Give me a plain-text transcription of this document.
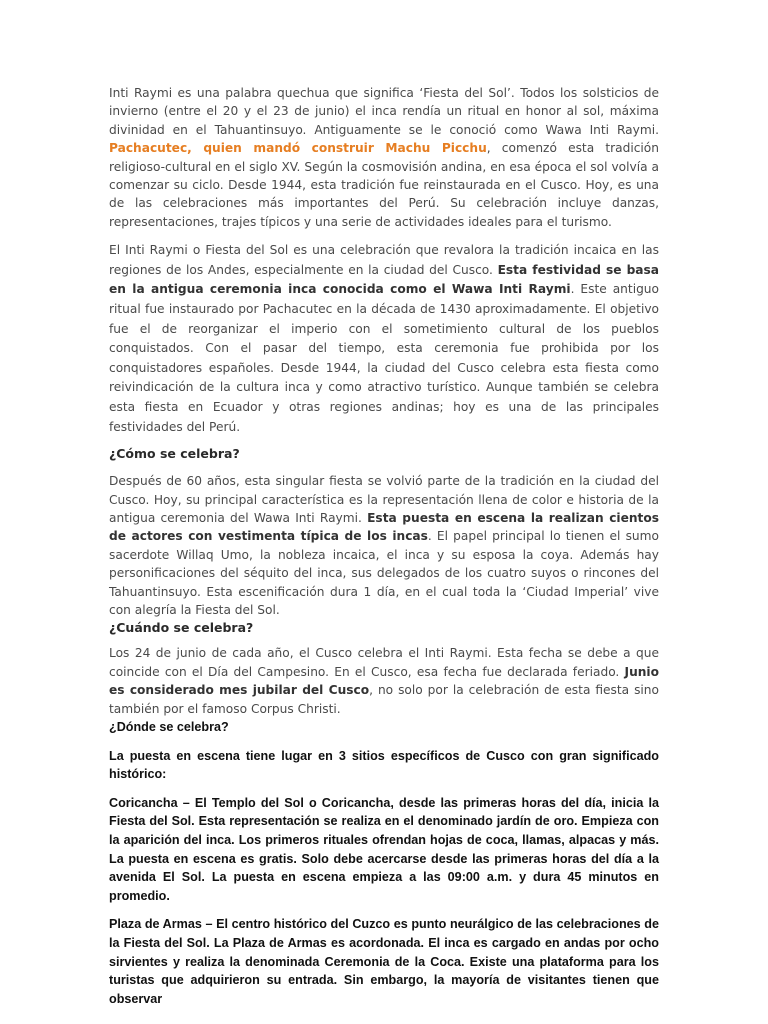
Inti Raymi es una palabra quechua que significa ‘Fiesta del Sol’. Todos los solsticios de invierno (entre el 20 y el 23 de junio) el inca rendía un ritual en honor al sol, máxima divinidad en el Tahuantinsuyo. Antiguamente se le conoció como Wawa Inti Raymi. Pachacutec, quien mandó construir Machu Picchu, comenzó esta tradición religioso-cultural en el siglo XV. Según la cosmovisión andina, en esa época el sol volvía a comenzar su ciclo. Desde 1944, esta tradición fue reinstaurada en el Cusco. Hoy, es una de las celebraciones más importantes del Perú. Su celebración incluye danzas, representaciones, trajes típicos y una serie de actividades ideales para el turismo.

El Inti Raymi o Fiesta del Sol es una celebración que revalora la tradición incaica en las regiones de los Andes, especialmente en la ciudad del Cusco. Esta festividad se basa en la antigua ceremonia inca conocida como el Wawa Inti Raymi. Este antiguo ritual fue instaurado por Pachacutec en la década de 1430 aproximadamente. El objetivo fue el de reorganizar el imperio con el sometimiento cultural de los pueblos conquistados. Con el pasar del tiempo, esta ceremonia fue prohibida por los conquistadores españoles. Desde 1944, la ciudad del Cusco celebra esta fiesta como reivindicación de la cultura inca y como atractivo turístico. Aunque también se celebra esta fiesta en Ecuador y otras regiones andinas; hoy es una de las principales festividades del Perú.

¿Cómo se celebra?

Después de 60 años, esta singular fiesta se volvió parte de la tradición en la ciudad del Cusco. Hoy, su principal característica es la representación llena de color e historia de la antigua ceremonia del Wawa Inti Raymi. Esta puesta en escena la realizan cientos de actores con vestimenta típica de los incas. El papel principal lo tienen el sumo sacerdote Willaq Umo, la nobleza incaica, el inca y su esposa la coya. Además hay personificaciones del séquito del inca, sus delegados de los cuatro suyos o rincones del Tahuantinsuyo. Esta escenificación dura 1 día, en el cual toda la ‘Ciudad Imperial’ vive con alegría la Fiesta del Sol.

¿Cuándo se celebra?

Los 24 de junio de cada año, el Cusco celebra el Inti Raymi. Esta fecha se debe a que coincide con el Día del Campesino. En el Cusco, esa fecha fue declarada feriado. Junio es considerado mes jubilar del Cusco, no solo por la celebración de esta fiesta sino también por el famoso Corpus Christi.

¿Dónde se celebra?

La puesta en escena tiene lugar en 3 sitios específicos de Cusco con gran significado histórico:

Coricancha – El Templo del Sol o Coricancha, desde las primeras horas del día, inicia la Fiesta del Sol. Esta representación se realiza en el denominado jardín de oro. Empieza con la aparición del inca. Los primeros rituales ofrendan hojas de coca, llamas, alpacas y más. La puesta en escena es gratis. Solo debe acercarse desde las primeras horas del día a la avenida El Sol. La puesta en escena empieza a las 09:00 a.m. y dura 45 minutos en promedio.

Plaza de Armas – El centro histórico del Cuzco es punto neurálgico de las celebraciones de la Fiesta del Sol. La Plaza de Armas es acordonada. El inca es cargado en andas por ocho sirvientes y realiza la denominada Ceremonia de la Coca. Existe una plataforma para los turistas que adquirieron su entrada. Sin embargo, la mayoría de visitantes tienen que observar
